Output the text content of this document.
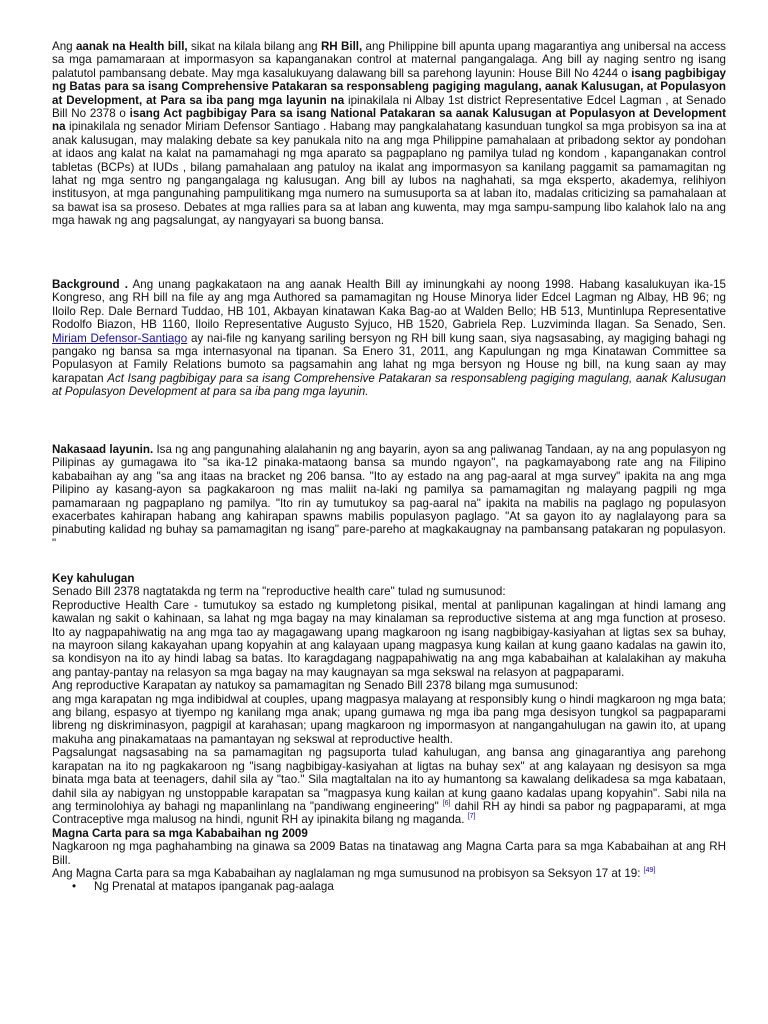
Ang aanak na Health bill, sikat na kilala bilang ang RH Bill, ang Philippine bill apunta upang magarantiya ang unibersal na access sa mga pamamaraan at impormasyon sa kapanganakan control at maternal pangangalaga. Ang bill ay naging sentro ng isang palatutol pambansang debate. May mga kasalukuyang dalawang bill sa parehong layunin: House Bill No 4244 o isang pagbibigay ng Batas para sa isang Comprehensive Patakaran sa responsableng pagiging magulang, aanak Kalusugan, at Populasyon at Development, at Para sa iba pang mga layunin na ipinakilala ni Albay 1st district Representative Edcel Lagman , at Senado Bill No 2378 o isang Act pagbibigay Para sa isang National Patakaran sa aanak Kalusugan at Populasyon at Development na ipinakilala ng senador Miriam Defensor Santiago . Habang may pangkalahatang kasunduan tungkol sa mga probisyon sa ina at anak kalusugan, may malaking debate sa key panukala nito na ang mga Philippine pamahalaan at pribadong sektor ay pondohan at idaos ang kalat na kalat na pamamahagi ng mga aparato sa pagpaplano ng pamilya tulad ng kondom , kapanganakan control tabletas (BCPs) at IUDs , bilang pamahalaan ang patuloy na ikalat ang impormasyon sa kanilang paggamit sa pamamagitan ng lahat ng mga sentro ng pangangalaga ng kalusugan. Ang bill ay lubos na naghahati, sa mga eksperto, akademya, relihiyon institusyon, at mga pangunahing pampulitikang mga numero na sumusuporta sa at laban ito, madalas criticizing sa pamahalaan at sa bawat isa sa proseso. Debates at mga rallies para sa at laban ang kuwenta, may mga sampu-sampung libo kalahok lalo na ang mga hawak ng ang pagsalungat, ay nangyayari sa buong bansa.

Background . Ang unang pagkakataon na ang aanak Health Bill ay iminungkahi ay noong 1998. Habang kasalukuyan ika-15 Kongreso, ang RH bill na file ay ang mga Authored sa pamamagitan ng House Minorya lider Edcel Lagman ng Albay, HB 96; ng Iloilo Rep. Dale Bernard Tuddao, HB 101, Akbayan kinatawan Kaka Bag-ao at Walden Bello; HB 513, Muntinlupa Representative Rodolfo Biazon, HB 1160, Iloilo Representative Augusto Syjuco, HB 1520, Gabriela Rep. Luzviminda Ilagan. Sa Senado, Sen. Miriam Defensor-Santiago ay nai-file ng kanyang sariling bersyon ng RH bill kung saan, siya nagsasabing, ay magiging bahagi ng pangako ng bansa sa mga internasyonal na tipanan. Sa Enero 31, 2011, ang Kapulungan ng mga Kinatawan Committee sa Populasyon at Family Relations bumoto sa pagsamahin ang lahat ng mga bersyon ng House ng bill, na kung saan ay may karapatan Act Isang pagbibigay para sa isang Comprehensive Patakaran sa responsableng pagiging magulang, aanak Kalusugan at Populasyon Development at para sa iba pang mga layunin.

Nakasaad layunin. Isa ng ang pangunahing alalahanin ng ang bayarin, ayon sa ang paliwanag Tandaan, ay na ang populasyon ng Pilipinas ay gumagawa ito "sa ika-12 pinaka-mataong bansa sa mundo ngayon", na pagkamayabong rate ang na Filipino kababaihan ay ang "sa ang itaas na bracket ng 206 bansa. "Ito ay estado na ang pag-aaral at mga survey" ipakita na ang mga Pilipino ay kasang-ayon sa pagkakaroon ng mas maliit na-laki ng pamilya sa pamamagitan ng malayang pagpili ng mga pamamaraan ng pagpaplano ng pamilya. "Ito rin ay tumutukoy sa pag-aaral na" ipakita na mabilis na paglago ng populasyon exacerbates kahirapan habang ang kahirapan spawns mabilis populasyon paglago. "At sa gayon ito ay naglalayong para sa pinabuting kalidad ng buhay sa pamamagitan ng isang" pare-pareho at magkakaugnay na pambansang patakaran ng populasyon. "

Key kahulugan

Senado Bill 2378 nagtatakda ng term na "reproductive health care" tulad ng sumusunod:

Reproductive Health Care - tumutukoy sa estado ng kumpletong pisikal, mental at panlipunan kagalingan at hindi lamang ang kawalan ng sakit o kahinaan, sa lahat ng mga bagay na may kinalaman sa reproductive sistema at ang mga function at proseso. Ito ay nagpapahiwatig na ang mga tao ay magagawang upang magkaroon ng isang nagbibigay-kasiyahan at ligtas sex sa buhay, na mayroon silang kakayahan upang kopyahin at ang kalayaan upang magpasya kung kailan at kung gaano kadalas na gawin ito, sa kondisyon na ito ay hindi labag sa batas. Ito karagdagang nagpapahiwatig na ang mga kababaihan at kalalakihan ay makuha ang pantay-pantay na relasyon sa mga bagay na may kaugnayan sa mga sekswal na relasyon at pagpaparami.

Ang reproductive Karapatan ay natukoy sa pamamagitan ng Senado Bill 2378 bilang mga sumusunod:

ang mga karapatan ng mga indibidwal at couples, upang magpasya malayang at responsibly kung o hindi magkaroon ng mga bata; ang bilang, espasyo at tiyempo ng kanilang mga anak; upang gumawa ng mga iba pang mga desisyon tungkol sa pagpaparami libreng ng diskriminasyon, pagpigil at karahasan; upang magkaroon ng impormasyon at nangangahulugan na gawin ito, at upang makuha ang pinakamataas na pamantayan ng sekswal at reproductive health.

Pagsalungat nagsasabing na sa pamamagitan ng pagsuporta tulad kahulugan, ang bansa ang ginagarantiya ang parehong karapatan na ito ng pagkakaroon ng "isang nagbibigay-kasiyahan at ligtas na buhay sex" at ang kalayaan ng desisyon sa mga binata mga bata at teenagers, dahil sila ay "tao." Sila magtaltalan na ito ay humantong sa kawalang delikadesa sa mga kabataan, dahil sila ay nabigyan ng unstoppable karapatan sa "magpasya kung kailan at kung gaano kadalas upang kopyahin". Sabi nila na ang terminolohiya ay bahagi ng mapanlinlang na "pandiwang engineering" [6] dahil RH ay hindi sa pabor ng pagpaparami, at mga Contraceptive mga malusog na hindi, ngunit RH ay ipinakita bilang ng maganda. [7]

Magna Carta para sa mga Kababaihan ng 2009

Nagkaroon ng mga paghahambing na ginawa sa 2009 Batas na tinatawag ang Magna Carta para sa mga Kababaihan at ang RH Bill.

Ang Magna Carta para sa mga Kababaihan ay naglalaman ng mga sumusunod na probisyon sa Seksyon 17 at 19: [49]

• Ng Prenatal at matapos ipanganak pag-aalaga
